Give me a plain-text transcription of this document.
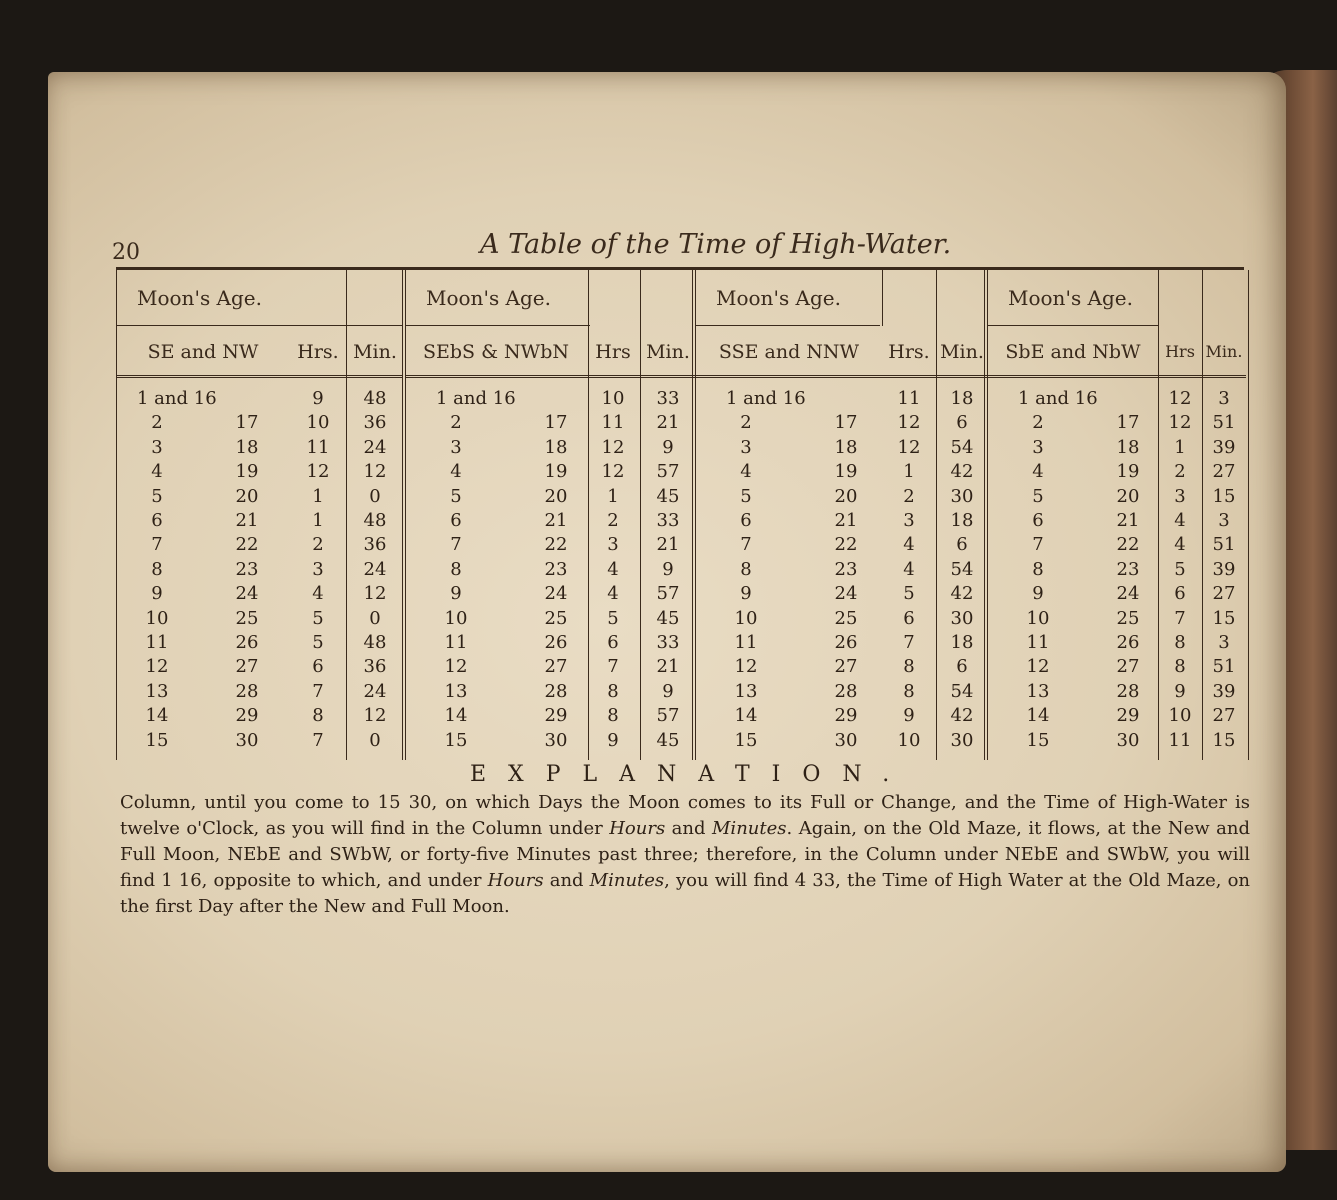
20	A Table of the Time of High-Water.
Moon's Age.
SE and NW	Hrs. Min.
1 and 16	9	48
2	17	10	36
3	18	11	24
4	19	12	12
5	20	1	0
6	21	1	48
7	22	2	36
8	23	3	24
9	24	4	12
10	25	5	0
11	26	5	48
12	27	6	36
13	28	7	24
14	29	8	12
15	30	7	0
Moon's Age.
SEbS & NWbN	Hrs Min.
1 and 16	10	33
2	17	11	21
3	18	12	9
4	19	12	57
5	20	1	45
6	21	2	33
7	22	3	21
8	23	4	9
9	24	4	57
10	25	5	45
11	26	6	33
12	27	7	21
13	28	8	9
14	29	8	57
15	30	9	45
Moon's Age.
SSE and NNW	Hrs. Min.
1 and 16	11	18
2	17	12	6
3	18	12	54
4	19	1	42
5	20	2	30
6	21	3	18
7	22	4	6
8	23	4	54
9	24	5	42
10	25	6	30
11	26	7	18
12	27	8	6
13	28	8	54
14	29	9	42
15	30	10	30
Moon's Age.
SbE and NbW	Hrs Min.
1 and 16	12	3
2	17	12	51
3	18	1	39
4	19	2	27
5	20	3	15
6	21	4	3
7	22	4	51
8	23	5	39
9	24	6	27
10	25	7	15
11	26	8	3
12	27	8	51
13	28	9	39
14	29	10	27
15	30	11	15
EXPLANATION.
Column, until you come to 15 30, on which Days the Moon comes to its Full or Change, and the Time of High-Water is twelve o'Clock, as you will find in the Column under Hours and Minutes. Again, on the Old Maze, it flows, at the New and Full Moon, NEbE and SWbW, or forty-five Minutes past three; therefore, in the Column under NEbE and SWbW, you will find 1 16, opposite to which, and under Hours and Minutes, you will find 4 33, the Time of High Water at the Old Maze, on the first Day after the New and Full Moon.
